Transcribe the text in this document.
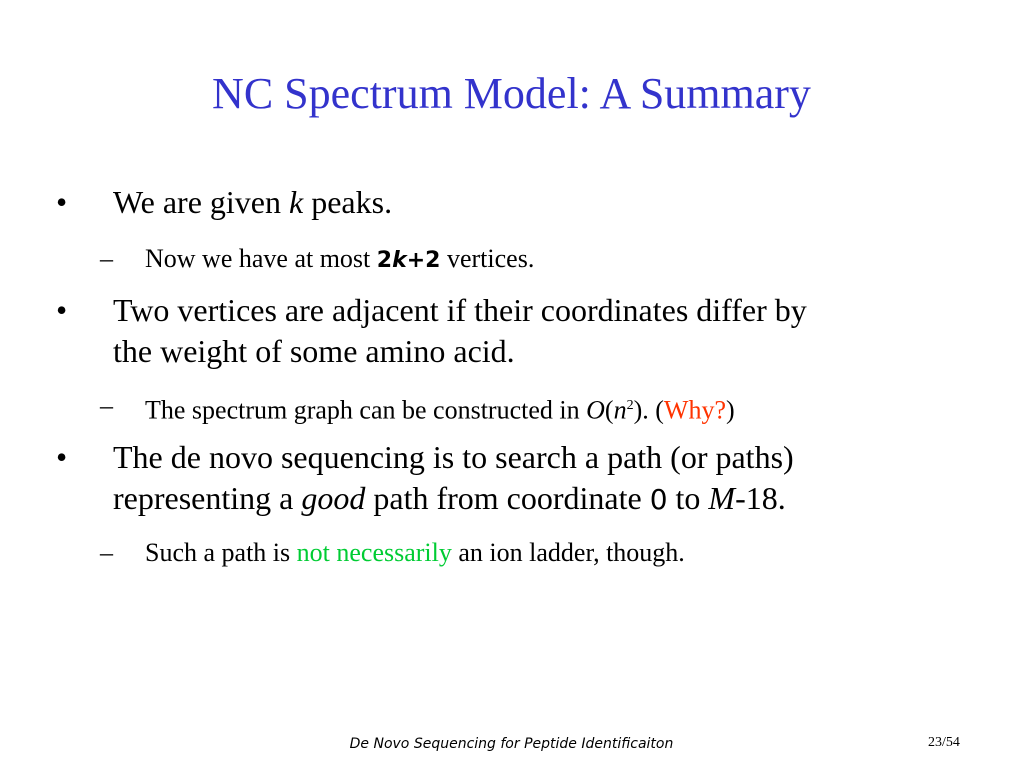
NC Spectrum Model: A Summary
• We are given k peaks.
– Now we have at most 2k+2 vertices.
• Two vertices are adjacent if their coordinates differ by
the weight of some amino acid.
– The spectrum graph can be constructed in $O(n^2)$. (Why?)
• The de novo sequencing is to search a path (or paths)
representing a good path from coordinate 0 to M-18.
– Such a path is not necessarily an ion ladder, though.
De Novo Sequencing for Peptide Identificaiton	23/54
